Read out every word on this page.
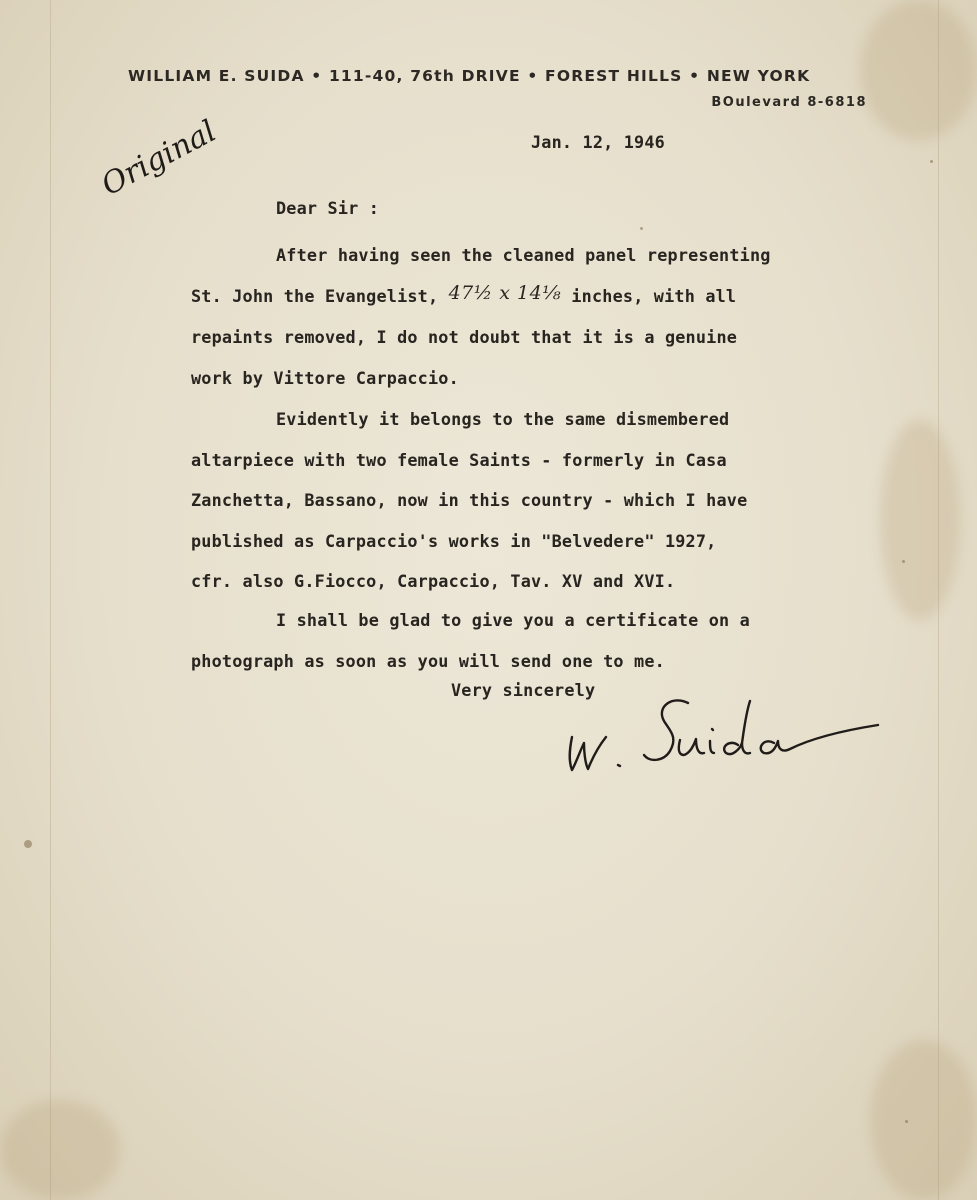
WILLIAM E. SUIDA • 111-40, 76th DRIVE • FOREST HILLS • NEW YORK
BOulevard 8-6818
Original	Jan. 12, 1946
Dear Sir :
After having seen the cleaned panel representing
St. John the Evangelist, 47½ x 14⅛ inches, with all
repaints removed, I do not doubt that it is a genuine
work by Vittore Carpaccio.
Evidently it belongs to the same dismembered
altarpiece with two female Saints - formerly in Casa
Zanchetta, Bassano, now in this country - which I have
published as Carpaccio's works in "Belvedere" 1927,
cfr. also G.Fiocco, Carpaccio, Tav. XV and XVI.
I shall be glad to give you a certificate on a
photograph as soon as you will send one to me.
Very sincerely
